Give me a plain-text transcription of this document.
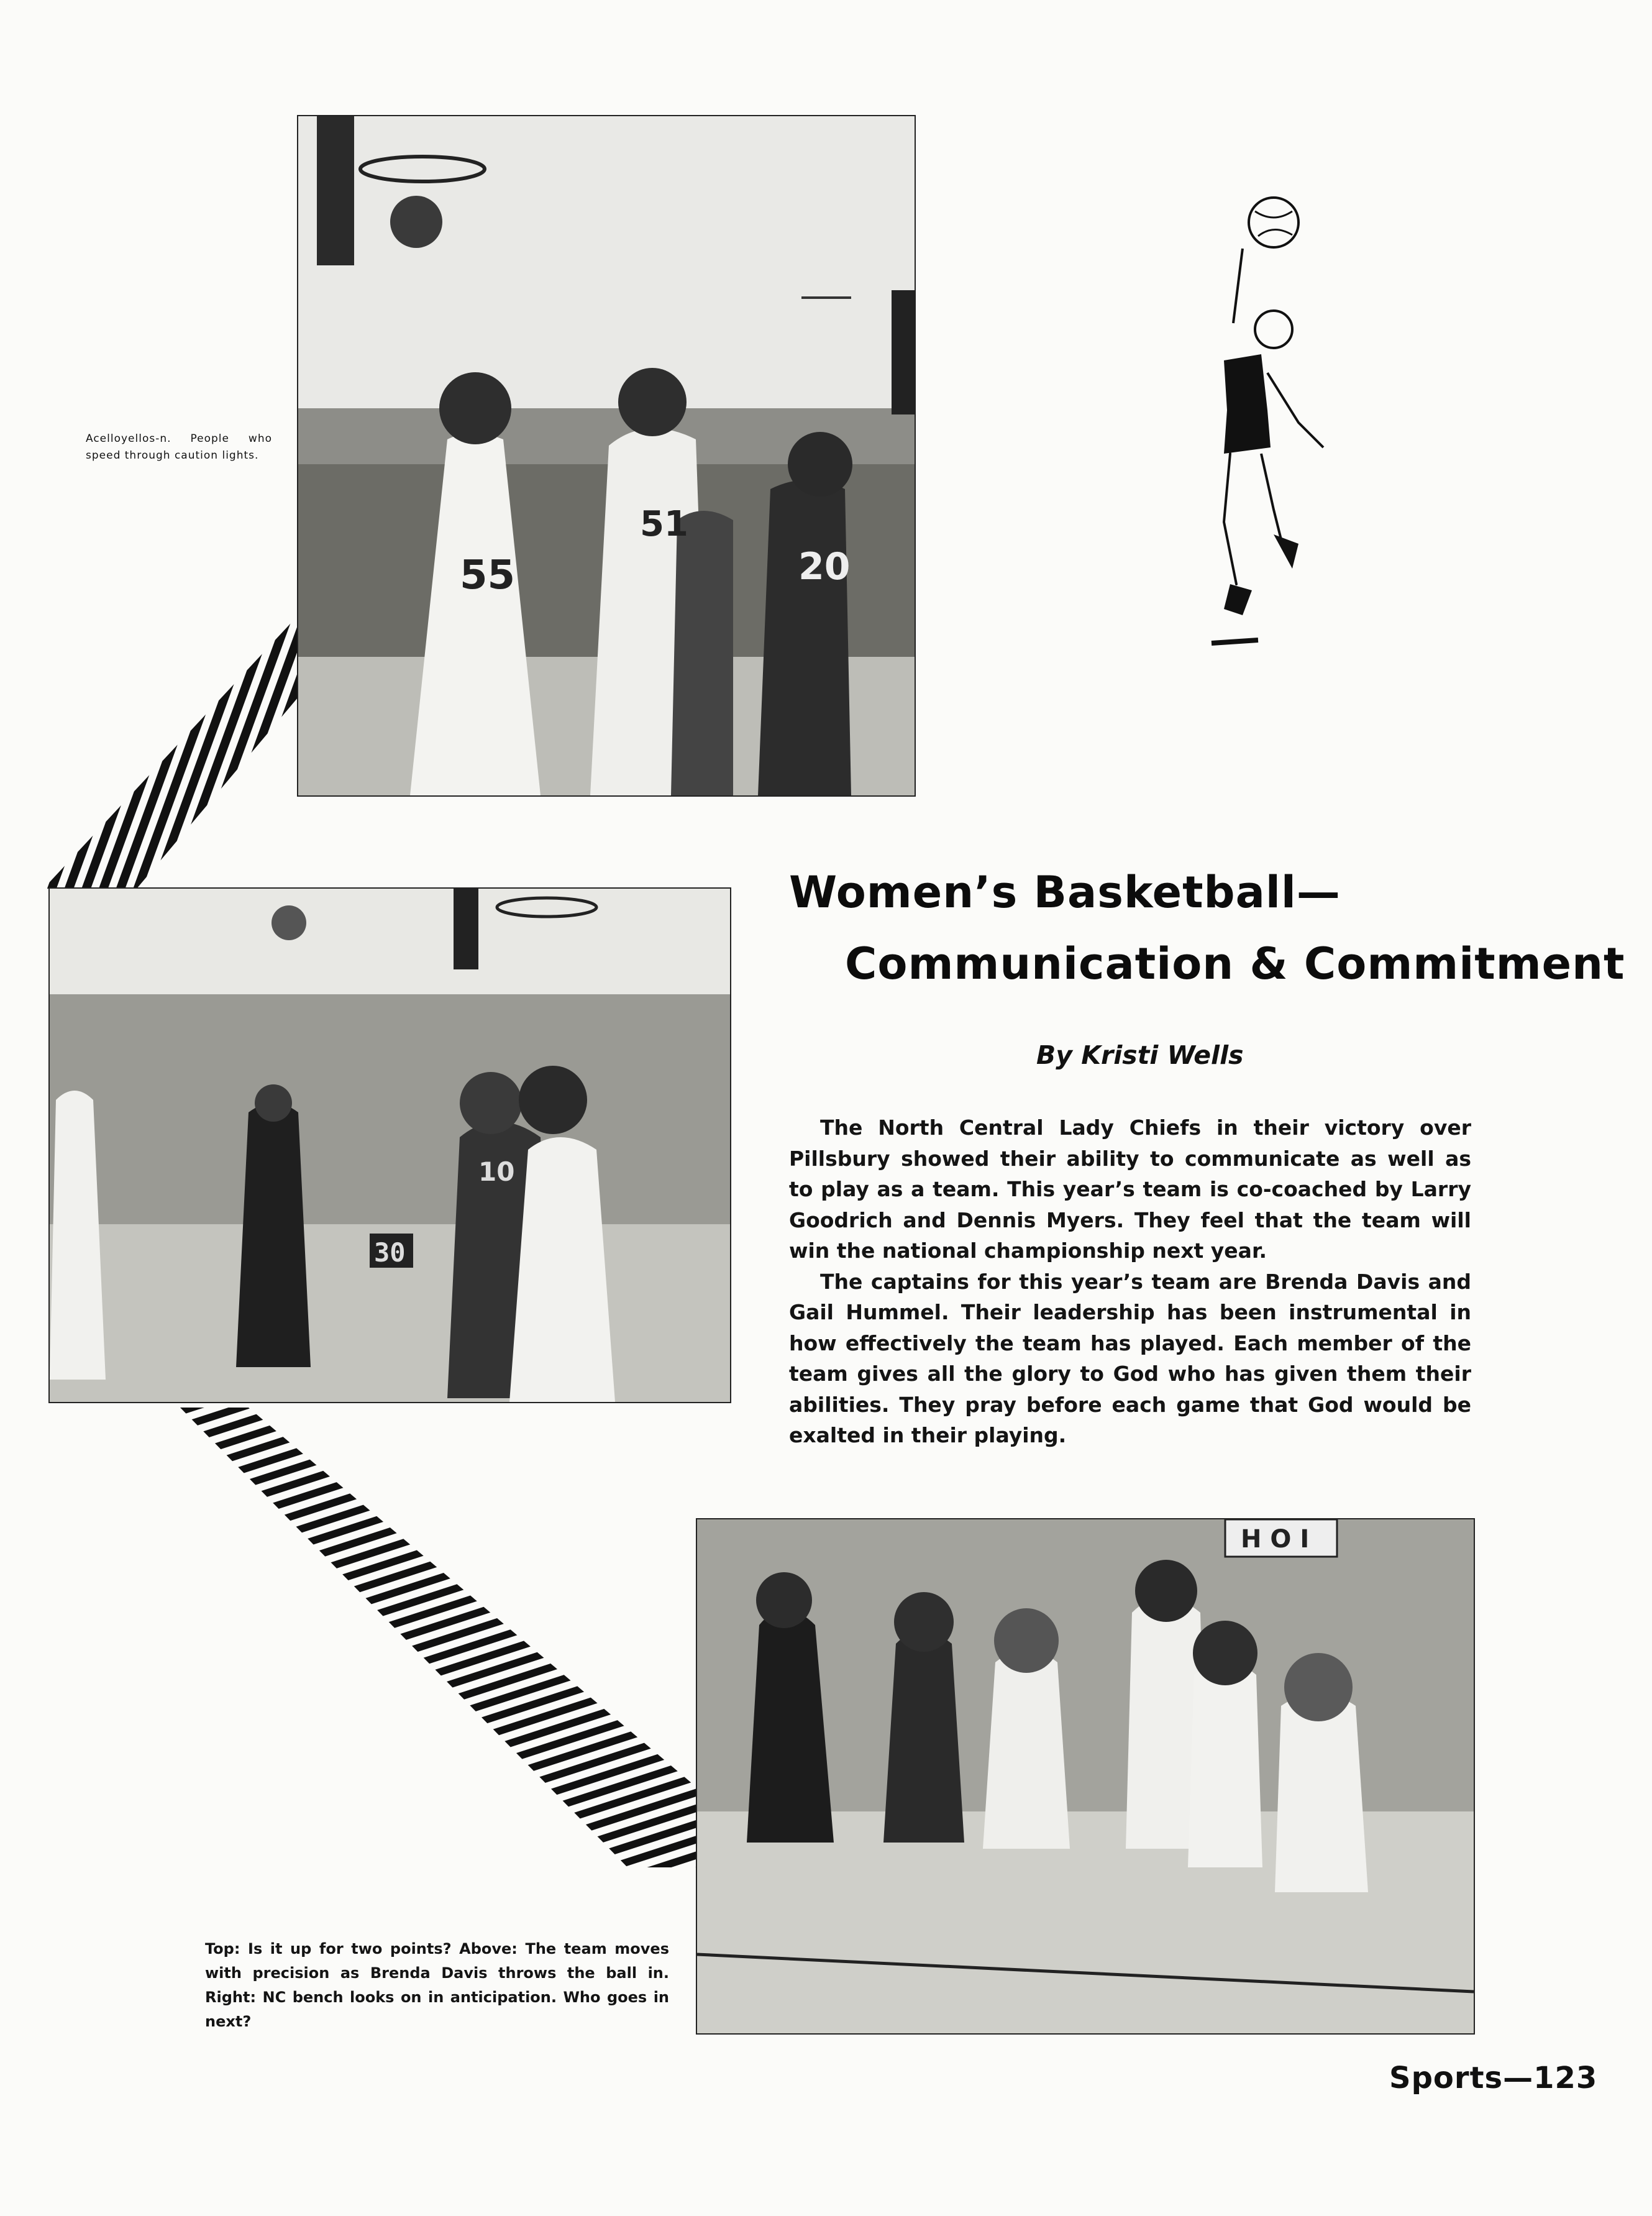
Acelloyellos-n. People who speed through caution lights.
55
51
20
10
30
H O I
Women’s Basketball—
Communication & Commitment
By Kristi Wells

The North Central Lady Chiefs in their victory over Pillsbury showed their ability to communicate as well as to play as a team. This year’s team is co-coached by Larry Goodrich and Dennis Myers. They feel that the team will win the national championship next year.

The captains for this year’s team are Brenda Davis and Gail Hummel. Their leadership has been instrumental in how effectively the team has played. Each member of the team gives all the glory to God who has given them their abilities. They pray before each game that God would be exalted in their playing.

Top: Is it up for two points? Above: The team moves with precision as Brenda Davis throws the ball in. Right: NC bench looks on in anticipation. Who goes in next?
Sports—123
